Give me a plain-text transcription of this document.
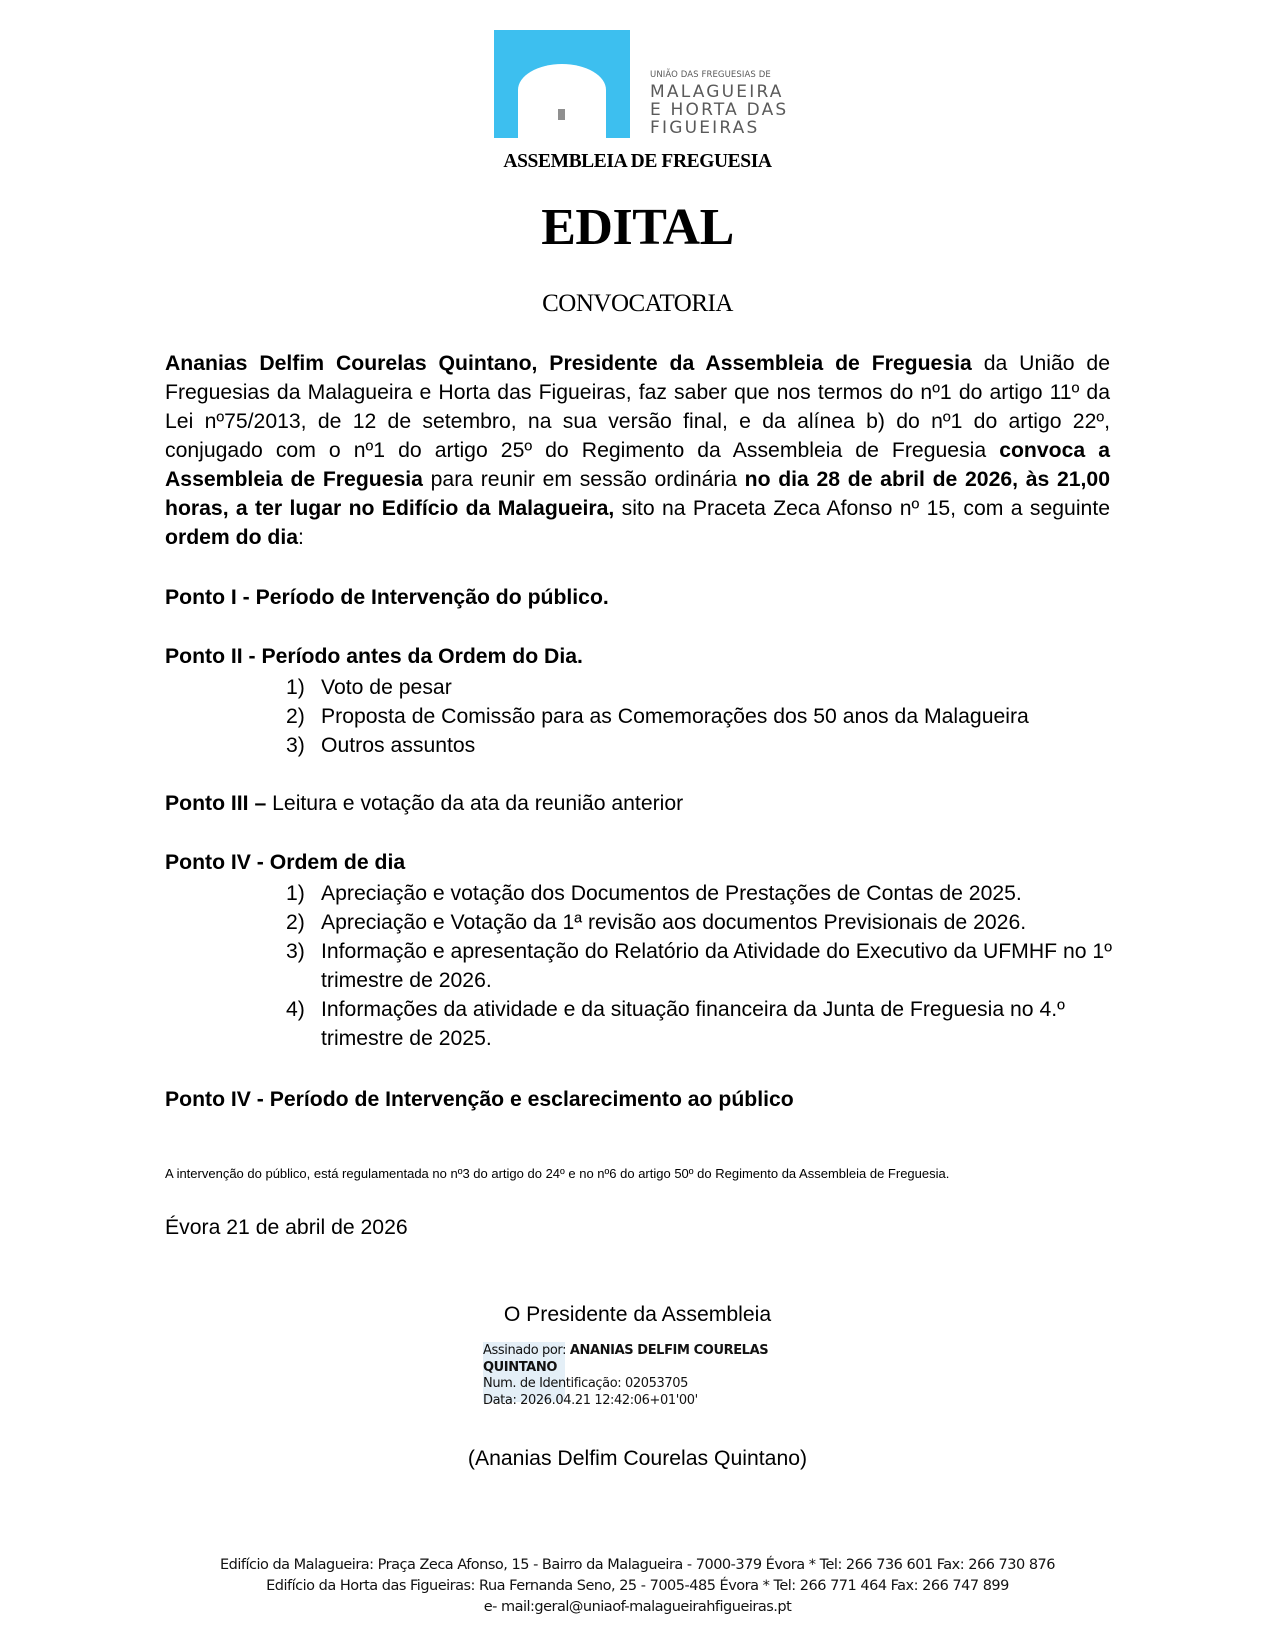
UNIÃO DAS FREGUESIAS DE
MALAGUEIRA
E HORTA DAS
FIGUEIRAS
ASSEMBLEIA DE FREGUESIA
EDITAL
CONVOCATORIA
Ananias Delfim Courelas Quintano, Presidente da Assembleia de Freguesia da União de Freguesias da Malagueira e Horta das Figueiras, faz saber que nos termos do nº1 do artigo 11º da Lei nº75/2013, de 12 de setembro, na sua versão final, e da alínea b) do nº1 do artigo 22º, conjugado com o nº1 do artigo 25º do Regimento da Assembleia de Freguesia convoca a Assembleia de Freguesia para reunir em sessão ordinária no dia 28 de abril de 2026, às 21,00 horas, a ter lugar no Edifício da Malagueira, sito na Praceta Zeca Afonso nº 15, com a seguinte ordem do dia:
Ponto I - Período de Intervenção do público.
Ponto II - Período antes da Ordem do Dia.
1) Voto de pesar
2) Proposta de Comissão para as Comemorações dos 50 anos da Malagueira
3) Outros assuntos
Ponto III – Leitura e votação da ata da reunião anterior
Ponto IV - Ordem de dia
1) Apreciação e votação dos Documentos de Prestações de Contas de 2025.
2) Apreciação e Votação da 1ª revisão aos documentos Previsionais de 2026.
3) Informação e apresentação do Relatório da Atividade do Executivo da UFMHF no 1º trimestre de 2026.
4) Informações da atividade e da situação financeira da Junta de Freguesia no 4.º trimestre de 2025.
Ponto IV - Período de Intervenção e esclarecimento ao público
A intervenção do público, está regulamentada no nº3 do artigo do 24º e no nº6 do artigo 50º do Regimento da Assembleia de Freguesia.
Évora 21 de abril de 2026
O Presidente da Assembleia
Assinado por: ANANIAS DELFIM COURELAS
QUINTANO
Num. de Identificação: 02053705
Data: 2026.04.21 12:42:06+01'00'
(Ananias Delfim Courelas Quintano)
Edifício da Malagueira: Praça Zeca Afonso, 15 - Bairro da Malagueira - 7000-379 Évora * Tel: 266 736 601 Fax: 266 730 876
Edifício da Horta das Figueiras: Rua Fernanda Seno, 25 - 7005-485 Évora * Tel: 266 771 464 Fax: 266 747 899
e- mail:geral@uniaof-malagueirahfigueiras.pt
